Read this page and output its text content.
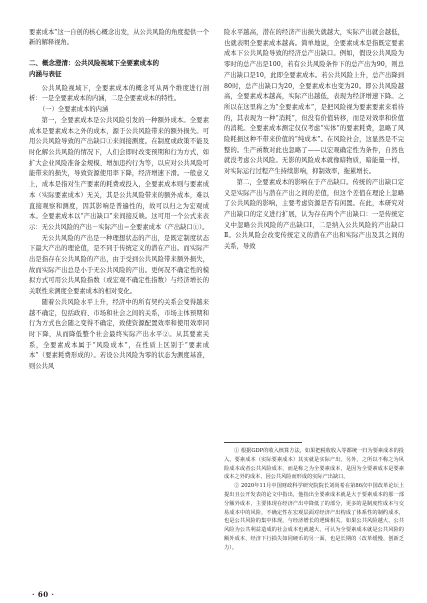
要素成本”这一自创的核心概念出发，从公共风险的角度提供一个新的解释视角。

二、概念澄清：公共风险视域下全要素成本的
内涵与表征

公共风险视域下，全要素成本的概念可从两个维度进行剖析：一是全要素成本的内涵，二是全要素成本的特性。

（一）全要素成本的内涵

第一，全要素成本是公共风险引发的一种额外成本。全要素成本是要素成本之外的成本，源于公共风险带来的额外损失。可用公共风险导致的产出缺口①来间接测度。在制度或政策不能及时化解公共风险的情况下，人们会即时改变预期和行为方式，如扩大企业风险准备金规模、增加违约行为等，以应对公共风险可能带来的损失，导致资源使用率下降，经济增速下滑。一般意义上，成本是指对生产要素的耗费或投入，全要素成本则与要素成本（实际要素成本）无关，其是公共风险带来的额外成本，难以直接观察和测度，因其影响是普遍性的，故可以归之为宏观成本。全要素成本以“产出缺口”来间接反映。这可用一个公式来表示：无公共风险的产出－实际产出＝全要素成本（产出缺口①）。

无公共风险的产出是一种理想状态的产出，是既定制度状态下最大产出的理论值，是不同于传统定义的潜在产出。而实际产出是指存在公共风险的产出，由于受到公共风险带来额外损失，故而实际产出总是小于无公共风险的产出。更何况不确定性的模拟方式可用公共风险指数（或宏观不确定性指数）与经济增长的关联性来测度全要素成本的相对变化。

随着公共风险水平上升，经济中的所有契约关系会变得越来越不确定，包括政府、市场和社会之间的关系，市场主体预期和行为方式也会随之变得不确定，致使资源配置效率和使用效率同时下降，从而降低整个社会最终实际产出水平②。从其要素关系，全要素成本属于“风险成本”，在性质上区别于“要素成本”（要素耗费形成的）。若设公共风险为零的状态为测度基准，则公共风

险水平越高，潜在的经济产出损失就越大，实际产出就会越低，也就表明全要素成本越高。简单地说，全要素成本是指既定要素成本下公共风险导致的经济总产出缺口。例如，假设公共风险为零时的总产出是100，若有公共风险条件下的总产出为90，则总产出缺口是10，此即全要素成本。若公共风险上升，总产出降到80时，总产出缺口为20，全要素成本也变为20。即公共风险越高，全要素成本越高，实际产出越低，表现为经济增速下降。之所以在这里称之为“全要素成本”，是把风险视为要素要素来看待的，其表现为一种“消耗”，但没有价值转移，而是对效率和价值的消耗。全要素成本测定仅仅考虑“实体”的要素耗费，忽略了风险耗损这种不带来价值的“纯成本”。在风险社会，这显然是不完整的。生产函数对此也忽略了——以宏观确定性为条件，自然也就没考虑公共风险。无影的风险成本就像暗物质，暗能量一样，对实际运行过程产生持续影响，抑制效率，拖累增长。

第二，全要素成本的影响在于产出缺口。传统的产出缺口定义是实际产出与潜在产出之间的差值，但这个差值在理论上忽略了公共风险的影响，主要考虑资源是否有闲置。在此，本研究对产出缺口的定义进行扩展，认为存在两个产出缺口：一是传统定义中忽略公共风险的产出缺口Ⅰ，二是纳入公共风险的产出缺口Ⅱ。公共风险会改变传统定义的潜在产出和实际产出及其之间的关系，导致

① 根据GDP的收入核算方法，如果把税收收入等都统一归为要素成本的投入，要素成本（实际要素成本）其实就是实际产出。另外，之所以不称之为风险成本或者公共风险成本，而是称之为全要素成本，是因为全要素成本是要素成本之外的成本，因公共风险而形成的实际产出缺口。

② 2020年11月中国财政科学研究院院长刘尚希在第86次中国改革论坛上提出且公开发表的论文中指出，他指出全要素成本就是大于要素成本的那一部分额外成本，主要体现在经济产出中降低了的部分，更多的是制度性成本与交易成本中的风险，不确定性在宏观层面对经济产出构成了体系性的制约成本，也是公共风险的集中体现，与经济增长的逻辑相关。如果公共风险越大，公共风险为公共利益造成的社会成本也就越大，可认为全要素成本就是公共风险的额外成本，经济下行损失如同硬币的另一面，也是长期的（改革缓慢、创新乏力）。

· 60 ·
